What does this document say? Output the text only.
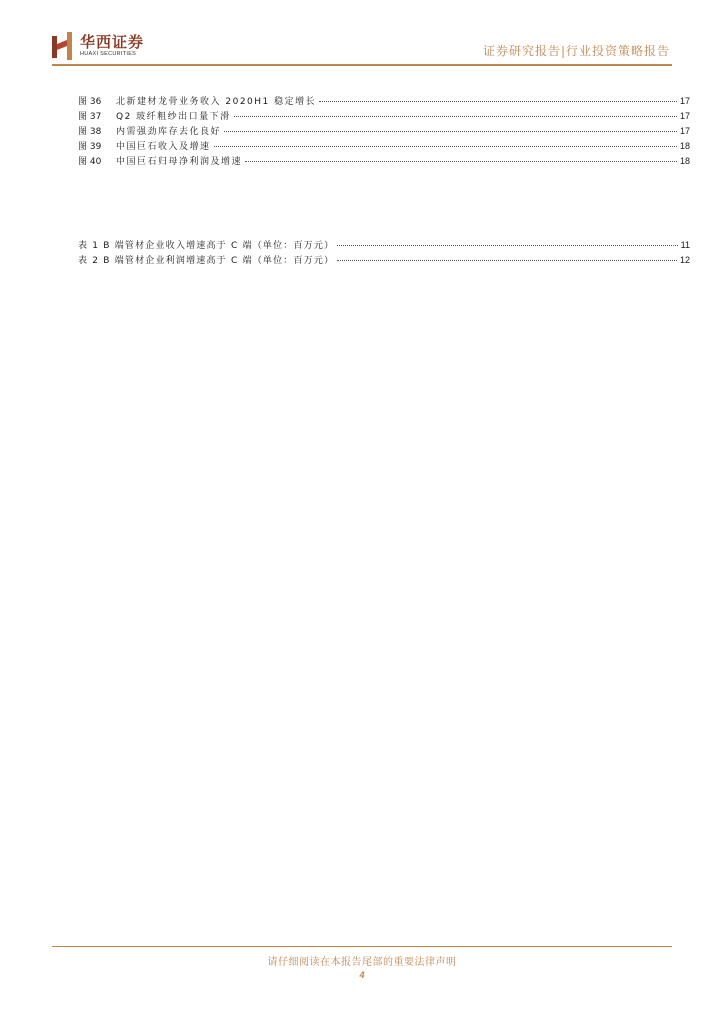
华西证券
HUAXI SECURITIES	证券研究报告|行业投资策略报告
图 36	北新建材龙骨业务收入 2020H1 稳定增长	17
图 37	Q2 玻纤粗纱出口量下滑	17
图 38	内需强劲库存去化良好	17
图 39	中国巨石收入及增速	18
图 40	中国巨石归母净利润及增速	18
表 1 B 端管材企业收入增速高于 C 端（单位：百万元）	11
表 2 B 端管材企业利润增速高于 C 端（单位：百万元）	12
请仔细阅读在本报告尾部的重要法律声明
4
